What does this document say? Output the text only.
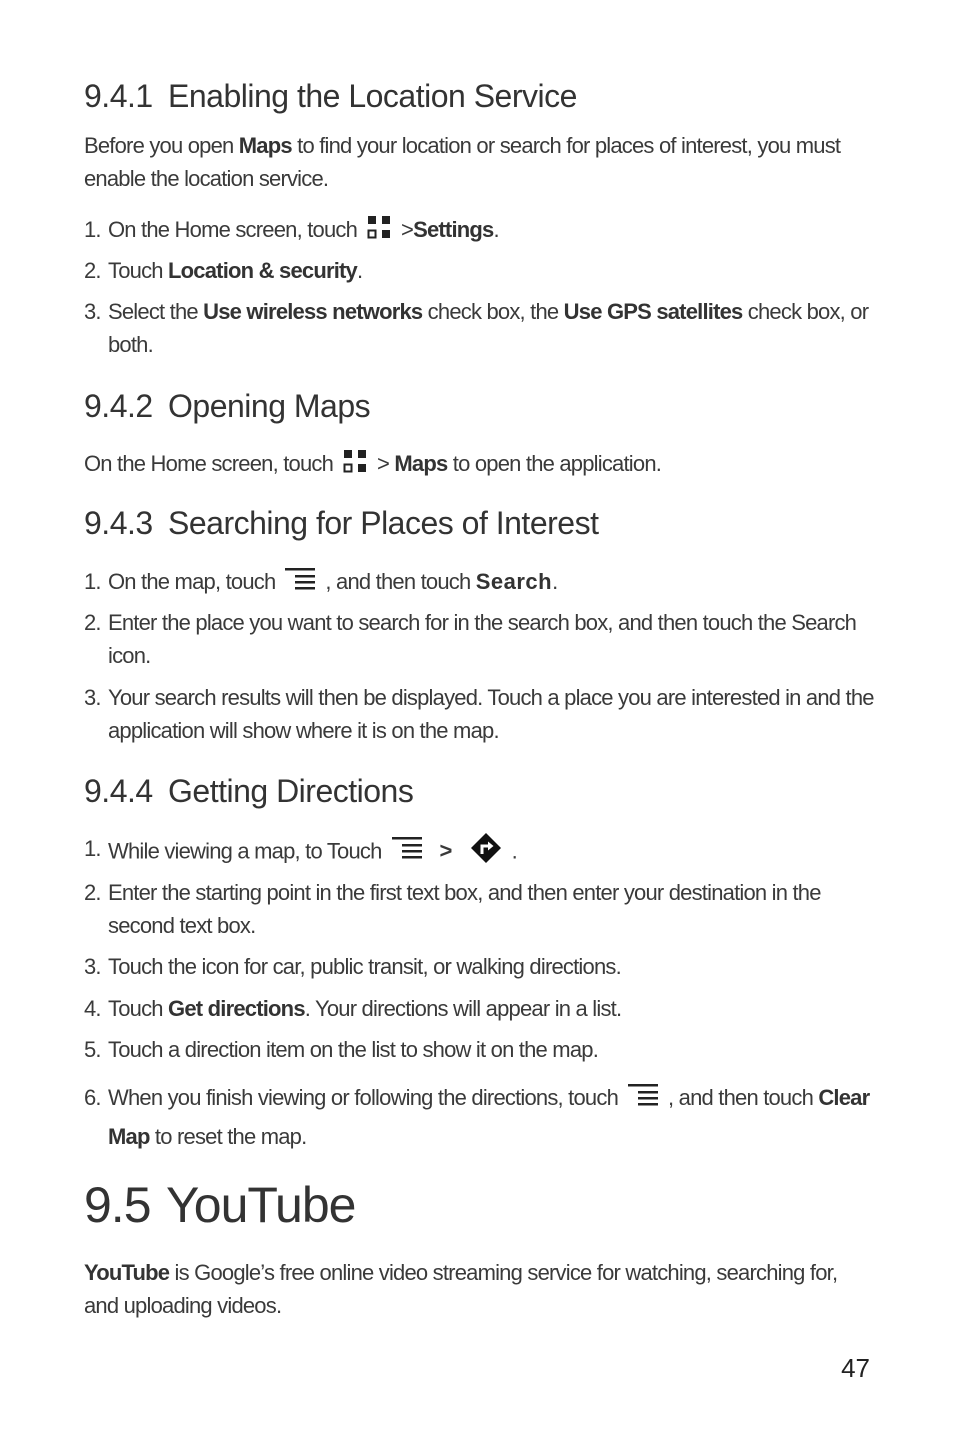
9.4.1 Enabling the Location Service
Before you open Maps to find your location or search for places of interest, you must enable the location service.
1. On the Home screen, touch >Settings.
2. Touch Location & security.
3. Select the Use wireless networks check box, the Use GPS satellites check box, or both.
9.4.2 Opening Maps
On the Home screen, touch > Maps to open the application.
9.4.3 Searching for Places of Interest
1. On the map, touch , and then touch Search.
2. Enter the place you want to search for in the search box, and then touch the Search icon.
3. Your search results will then be displayed. Touch a place you are interested in and the application will show where it is on the map.
9.4.4 Getting Directions
1. While viewing a map, to Touch	>	.
2. Enter the starting point in the first text box, and then enter your destination in the second text box.
3. Touch the icon for car, public transit, or walking directions.
4. Touch Get directions. Your directions will appear in a list.
5. Touch a direction item on the list to show it on the map.
6. When you finish viewing or following the directions, touch , and then touch Clear Map to reset the map.
9.5 YouTube
YouTube is Google’s free online video streaming service for watching, searching for, and uploading videos.
47
